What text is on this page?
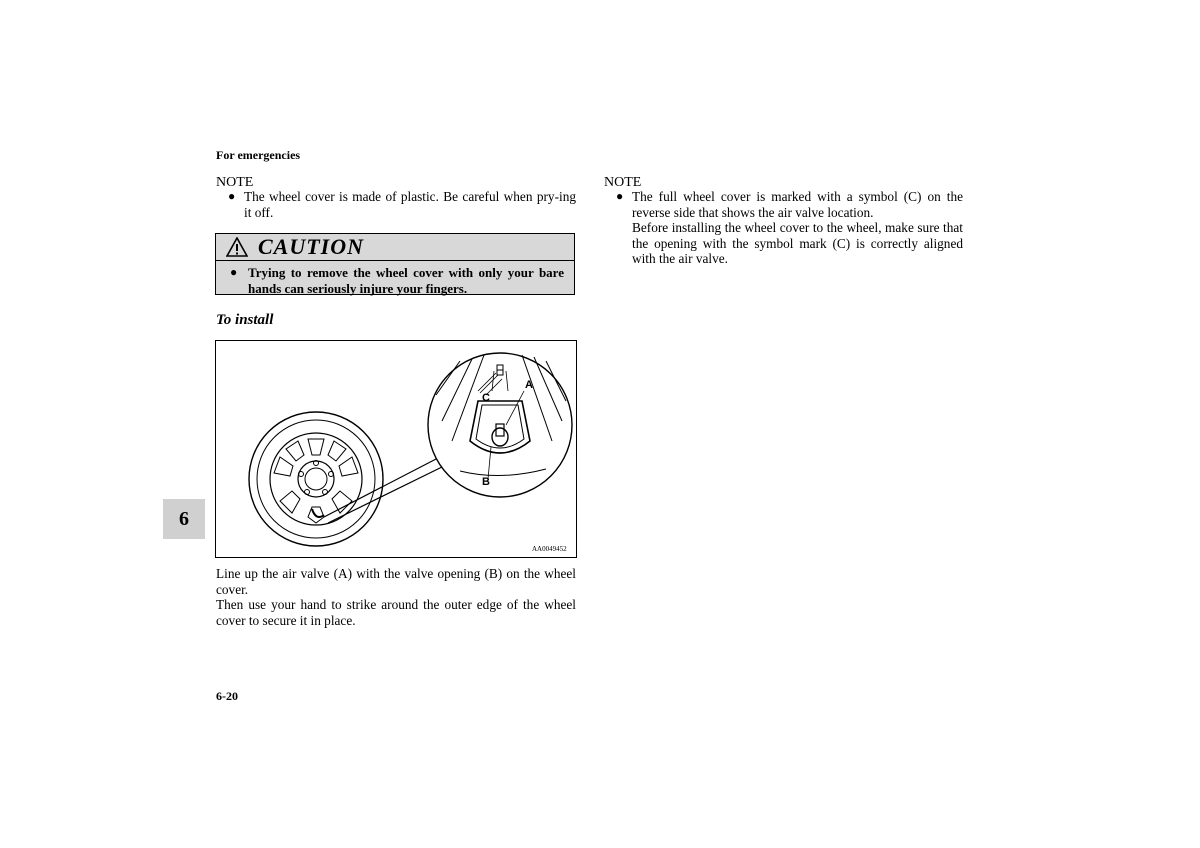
For emergencies
NOTE
● The wheel cover is made of plastic. Be careful when pry-ing it off.
CAUTION
● Trying to remove the wheel cover with only your bare hands can seriously injure your fingers.
To install
A
C
B
AA0049452

Line up the air valve (A) with the valve opening (B) on the wheel cover.

Then use your hand to strike around the outer edge of the wheel cover to secure it in place.

NOTE
● The full wheel cover is marked with a symbol (C) on the reverse side that shows the air valve location.
Before installing the wheel cover to the wheel, make sure that the opening with the symbol mark (C) is correctly aligned with the air valve.
6
6-20
